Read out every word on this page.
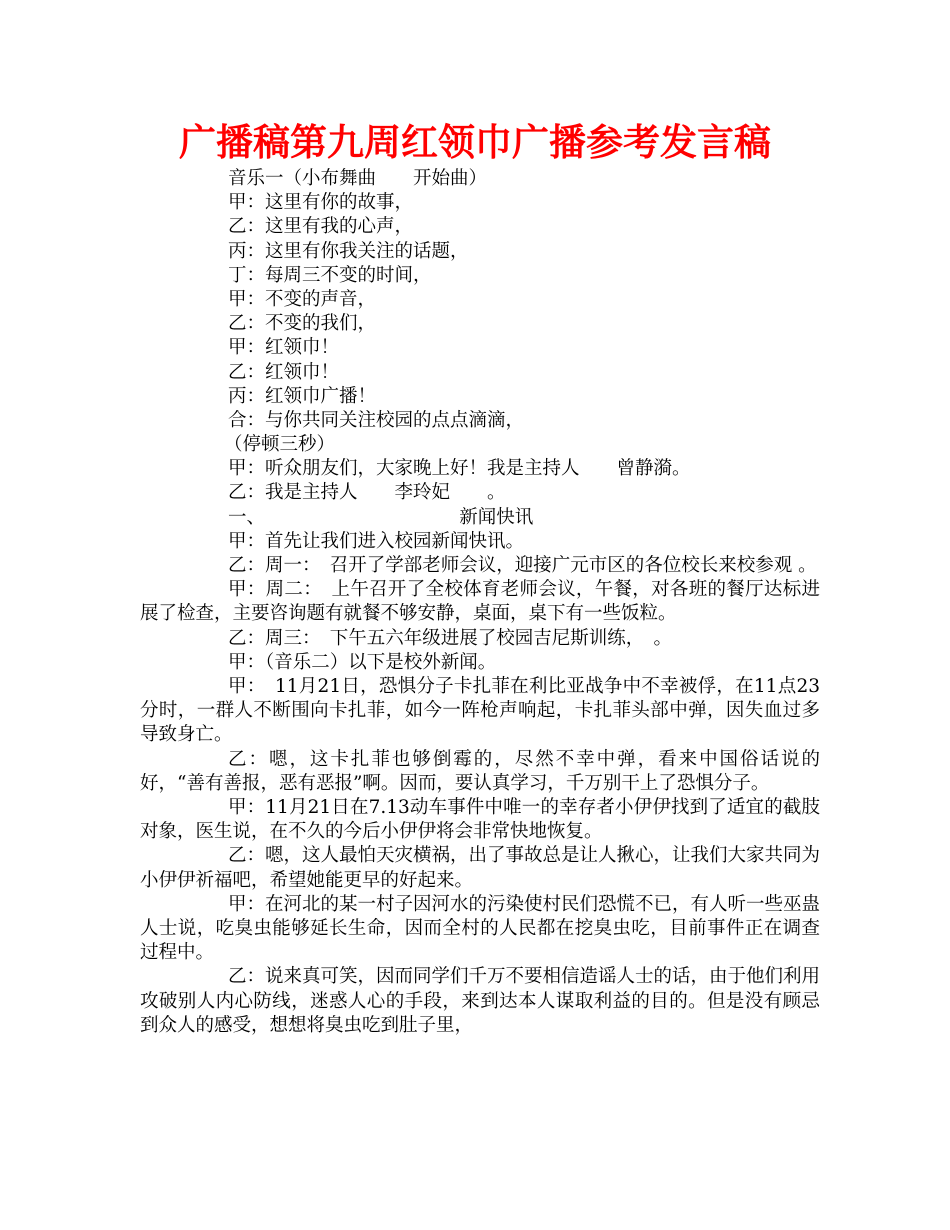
广播稿第九周红领巾广播参考发言稿
音乐一（小布舞曲　　开始曲）
甲：这里有你的故事，
乙：这里有我的心声，
丙：这里有你我关注的话题，
丁：每周三不变的时间，
甲：不变的声音，
乙：不变的我们，
甲：红领巾！
乙：红领巾！
丙：红领巾广播！
合：与你共同关注校园的点点滴滴，
（停顿三秒）
甲：听众朋友们，大家晚上好！我是主持人　　曾静漪。
乙：我是主持人　　李玲妃　　。
一、　　　　　　　　　　　新闻快讯
甲：首先让我们进入校园新闻快讯。
乙：周一：　召开了学部老师会议，迎接广元市区的各位校长来校参观 。
甲：周二：　上午召开了全校体育老师会议，午餐，对各班的餐厅达标进展了检查，主要咨询题有就餐不够安静，桌面，桌下有一些饭粒。
乙：周三：　下午五六年级进展了校园吉尼斯训练，　。
甲：（音乐二）以下是校外新闻。
甲：　11月21日，恐惧分子卡扎菲在利比亚战争中不幸被俘，在11点23分时，一群人不断围向卡扎菲，如今一阵枪声响起，卡扎菲头部中弹，因失血过多导致身亡。
乙：嗯，这卡扎菲也够倒霉的，尽然不幸中弹，看来中国俗话说的好，“善有善报，恶有恶报”啊。因而，要认真学习，千万别干上了恐惧分子。
甲：11月21日在7.13动车事件中唯一的幸存者小伊伊找到了适宜的截肢对象，医生说，在不久的今后小伊伊将会非常快地恢复。
乙：嗯，这人最怕天灾横祸，出了事故总是让人揪心，让我们大家共同为小伊伊祈福吧，希望她能更早的好起来。
甲：在河北的某一村子因河水的污染使村民们恐慌不已，有人听一些巫蛊人士说，吃臭虫能够延长生命，因而全村的人民都在挖臭虫吃，目前事件正在调查过程中。
乙：说来真可笑，因而同学们千万不要相信造谣人士的话，由于他们利用攻破别人内心防线，迷惑人心的手段，来到达本人谋取利益的目的。但是没有顾忌到众人的感受，想想将臭虫吃到肚子里，
